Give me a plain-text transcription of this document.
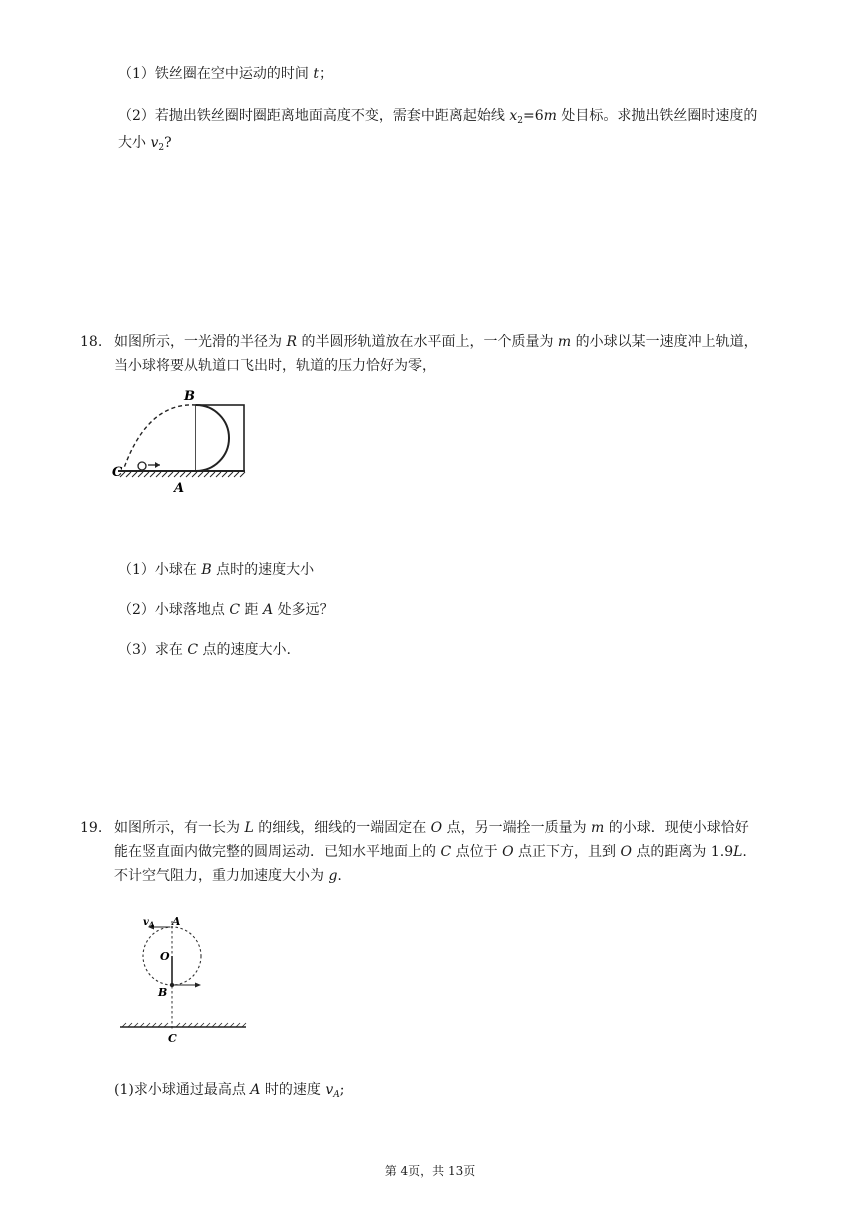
（1）铁丝圈在空中运动的时间 t；
（2）若抛出铁丝圈时圈距离地面高度不变，需套中距离起始线 $x_2=6m$ 处目标。求抛出铁丝圈时速度的
大小 $v_2$?
18. 如图所示，一光滑的半径为 R 的半圆形轨道放在水平面上，一个质量为 m 的小球以某一速度冲上轨道，
当小球将要从轨道口飞出时，轨道的压力恰好为零，
B
C
A
（1）小球在 B 点时的速度大小
（2）小球落地点 C 距 A 处多远？
（3）求在 C 点的速度大小.
19. 如图所示，有一长为 L 的细线，细线的一端固定在 O 点，另一端拴一质量为 m 的小球．现使小球恰好
能在竖直面内做完整的圆周运动．已知水平地面上的 C 点位于 O 点正下方，且到 O 点的距离为 1.9L.
不计空气阻力，重力加速度大小为 g.
$v_A$ A
O
B
C
(1)求小球通过最高点 A 时的速度 $v_A$;
第 4页，共 13页
